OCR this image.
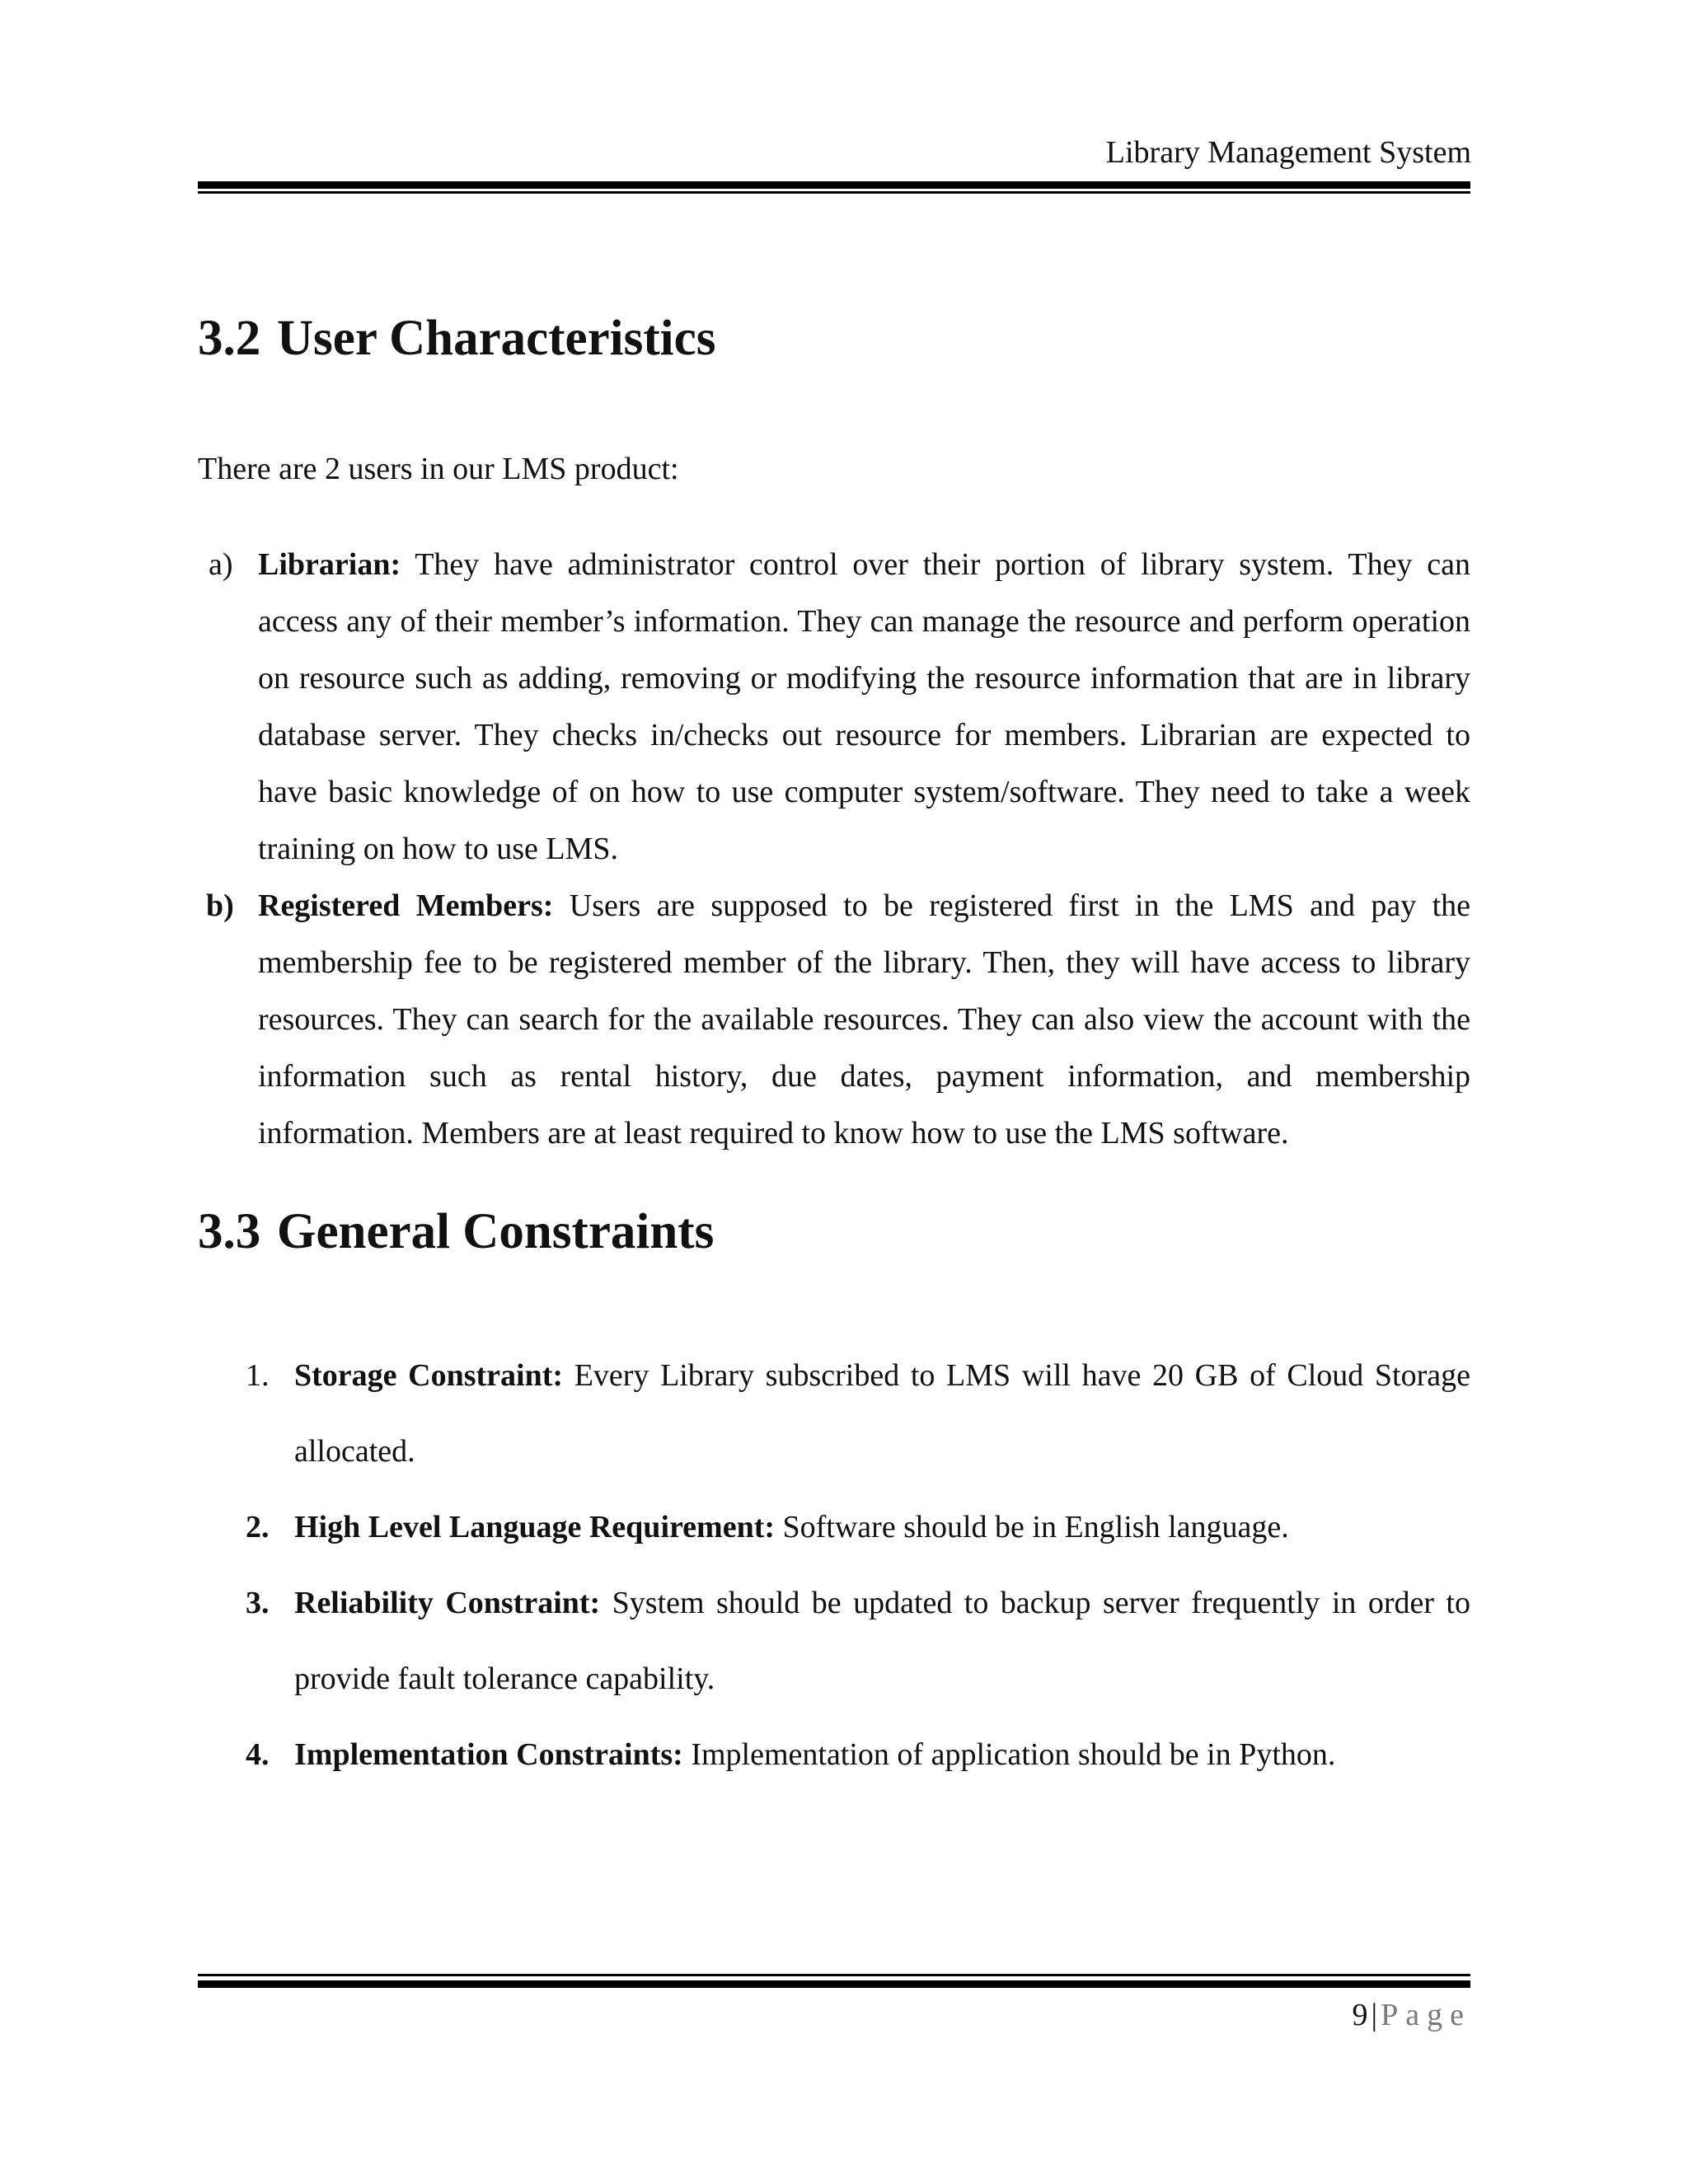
Library Management System
3.2 User Characteristics
There are 2 users in our LMS product:
a) Librarian: They have administrator control over their portion of library system. They can access any of their member’s information. They can manage the resource and perform operation on resource such as adding, removing or modifying the resource information that are in library database server. They checks in/checks out resource for members. Librarian are expected to have basic knowledge of on how to use computer system/software. They need to take a week training on how to use LMS.
b) Registered Members: Users are supposed to be registered first in the LMS and pay the membership fee to be registered member of the library. Then, they will have access to library resources. They can search for the available resources. They can also view the account with the information such as rental history, due dates, payment information, and membership information. Members are at least required to know how to use the LMS software.
3.3 General Constraints
1. Storage Constraint: Every Library subscribed to LMS will have 20 GB of Cloud Storage allocated.
2. High Level Language Requirement: Software should be in English language.
3. Reliability Constraint: System should be updated to backup server frequently in order to provide fault tolerance capability.
4. Implementation Constraints: Implementation of application should be in Python.
9 | Page
